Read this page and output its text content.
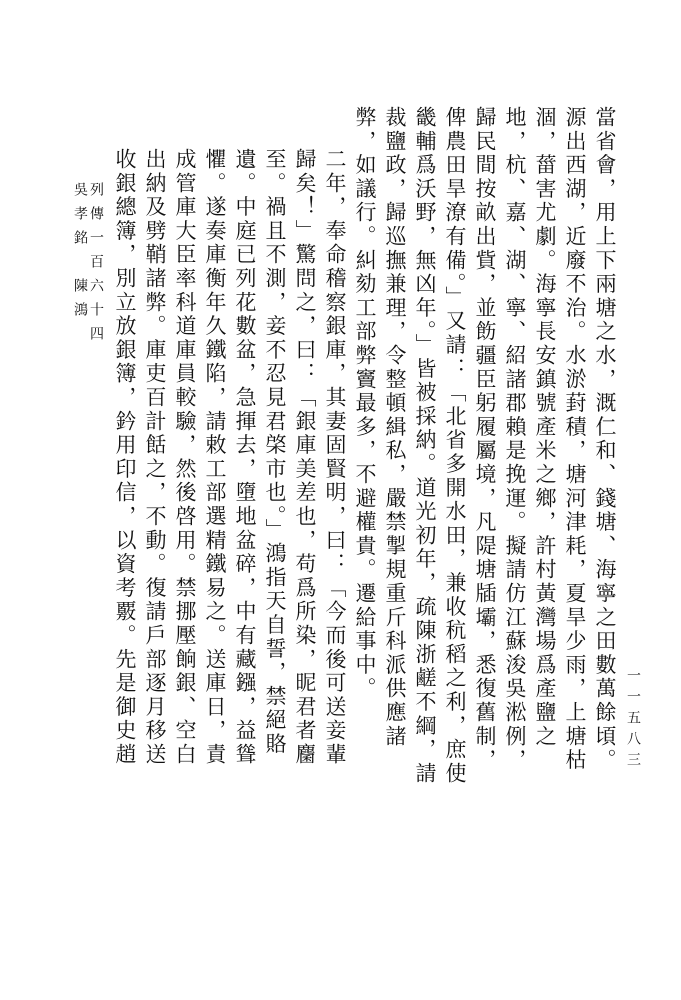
列傳一百六十四
吳孝銘　陳鴻	當省會，用上下兩塘之水，溉仁和、錢塘、海寧之田數萬餘頃。源出西湖，近廢不治。水淤葑積，塘河津耗，夏旱少雨，上塘枯涸，葘害尤劇。海寧長安鎮號產米之鄉，許村黃灣場爲產鹽之地，杭、嘉、湖、寧、紹諸郡賴是挽運。擬請仿江蘇浚吳淞例，歸民間按畝出貲，並飭疆臣躬履屬境，凡隄塘牐壩，悉復舊制，俾農田旱潦有備。」又請：「北省多開水田，兼收秔稻之利，庶使畿輔爲沃野，無凶年。」皆被採納。道光初年，疏陳浙鹺不綱，請裁鹽政，歸巡撫兼理，令整頓緝私，嚴禁掣規重斤科派供應諸弊，如議行。糾劾工部弊竇最多，不避權貴。遷給事中。

二年，奉命稽察銀庫，其妻固賢明，曰：「今而後可送妾輩歸矣！」驚問之，曰：「銀庫美差也，苟爲所染，昵君者麕至。禍且不測，妾不忍見君棨市也。」鴻指天自誓，禁絕賂遺。中庭已列花數盆，急揮去，墮地盆碎，中有藏鏹，益聳懼。遂奏庫衡年久鐵陷，請敕工部選精鐵易之。送庫日，責成管庫大臣率科道庫員較驗，然後啓用。禁挪壓餉銀、空白出納及劈鞘諸弊。庫吏百計餂之，不動。復請戶部逐月移送收銀總簿，別立放銀簿，鈐用印信，以資考覈。先是御史趙	一一五八三
